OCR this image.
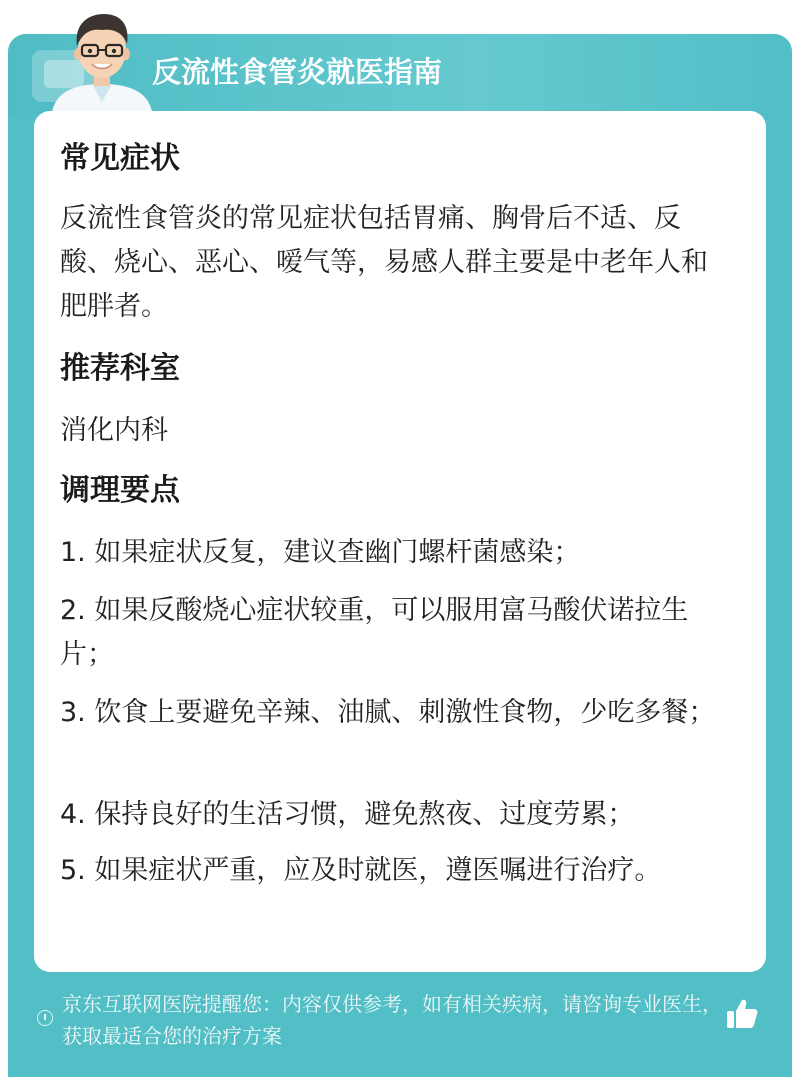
反流性食管炎就医指南
常见症状
反流性食管炎的常见症状包括胃痛、胸骨后不适、反酸、烧心、恶心、嗳气等，易感人群主要是中老年人和肥胖者。
推荐科室
消化内科
调理要点
1. 如果症状反复，建议查幽门螺杆菌感染；
2. 如果反酸烧心症状较重，可以服用富马酸伏诺拉生片；
3. 饮食上要避免辛辣、油腻、刺激性食物，少吃多餐；
4. 保持良好的生活习惯，避免熬夜、过度劳累；
5. 如果症状严重，应及时就医，遵医嘱进行治疗。
京东互联网医院提醒您：内容仅供参考，如有相关疾病，请咨询专业医生，获取最适合您的治疗方案
